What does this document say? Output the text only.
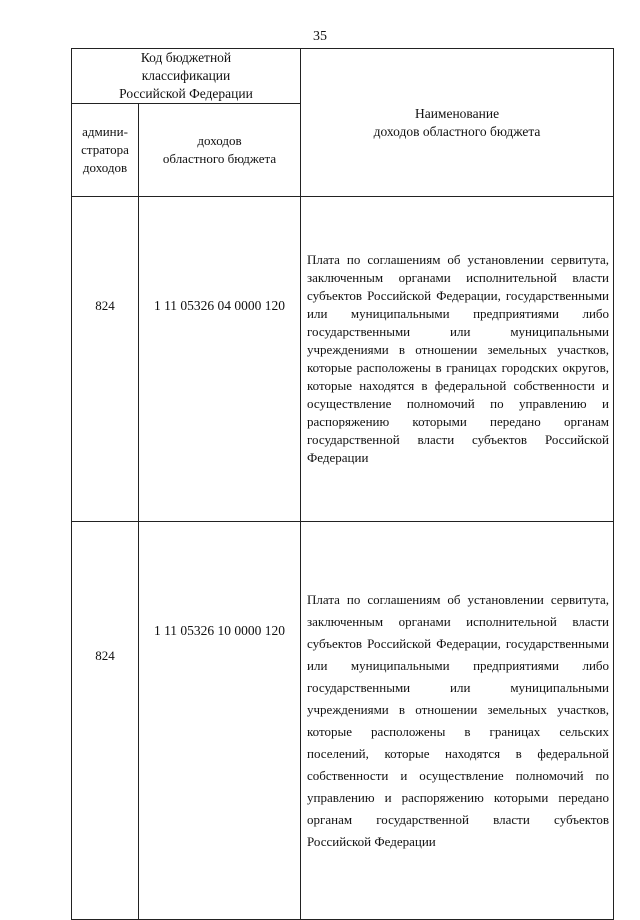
35
Код бюджетной
классификации
Российской Федерации		Наименование
доходов областного бюджета
админи-
стратора
доходов	доходов
областного бюджета	
824	1 11 05326 04 0000 120	Плата по соглашениям об установлении сервитута, заключенным органами исполнительной власти субъектов Российской Федерации, государственными или муниципальными предприятиями либо государственными или муниципальными учреждениями в отношении земельных участков, которые расположены в границах городских округов, которые находятся в федеральной собственности и осуществление полномочий по управлению и распоряжению которыми передано органам государственной власти субъектов Российской Федерации
824	1 11 05326 10 0000 120	Плата по соглашениям об установлении сервитута, заключенным органами исполнительной власти субъектов Российской Федерации, государственными или муниципальными предприятиями либо государственными или муниципальными учреждениями в отношении земельных участков, которые расположены в границах сельских поселений, которые находятся в федеральной собственности и осуществление полномочий по управлению и распоряжению которыми передано органам государственной власти субъектов Российской Федерации
